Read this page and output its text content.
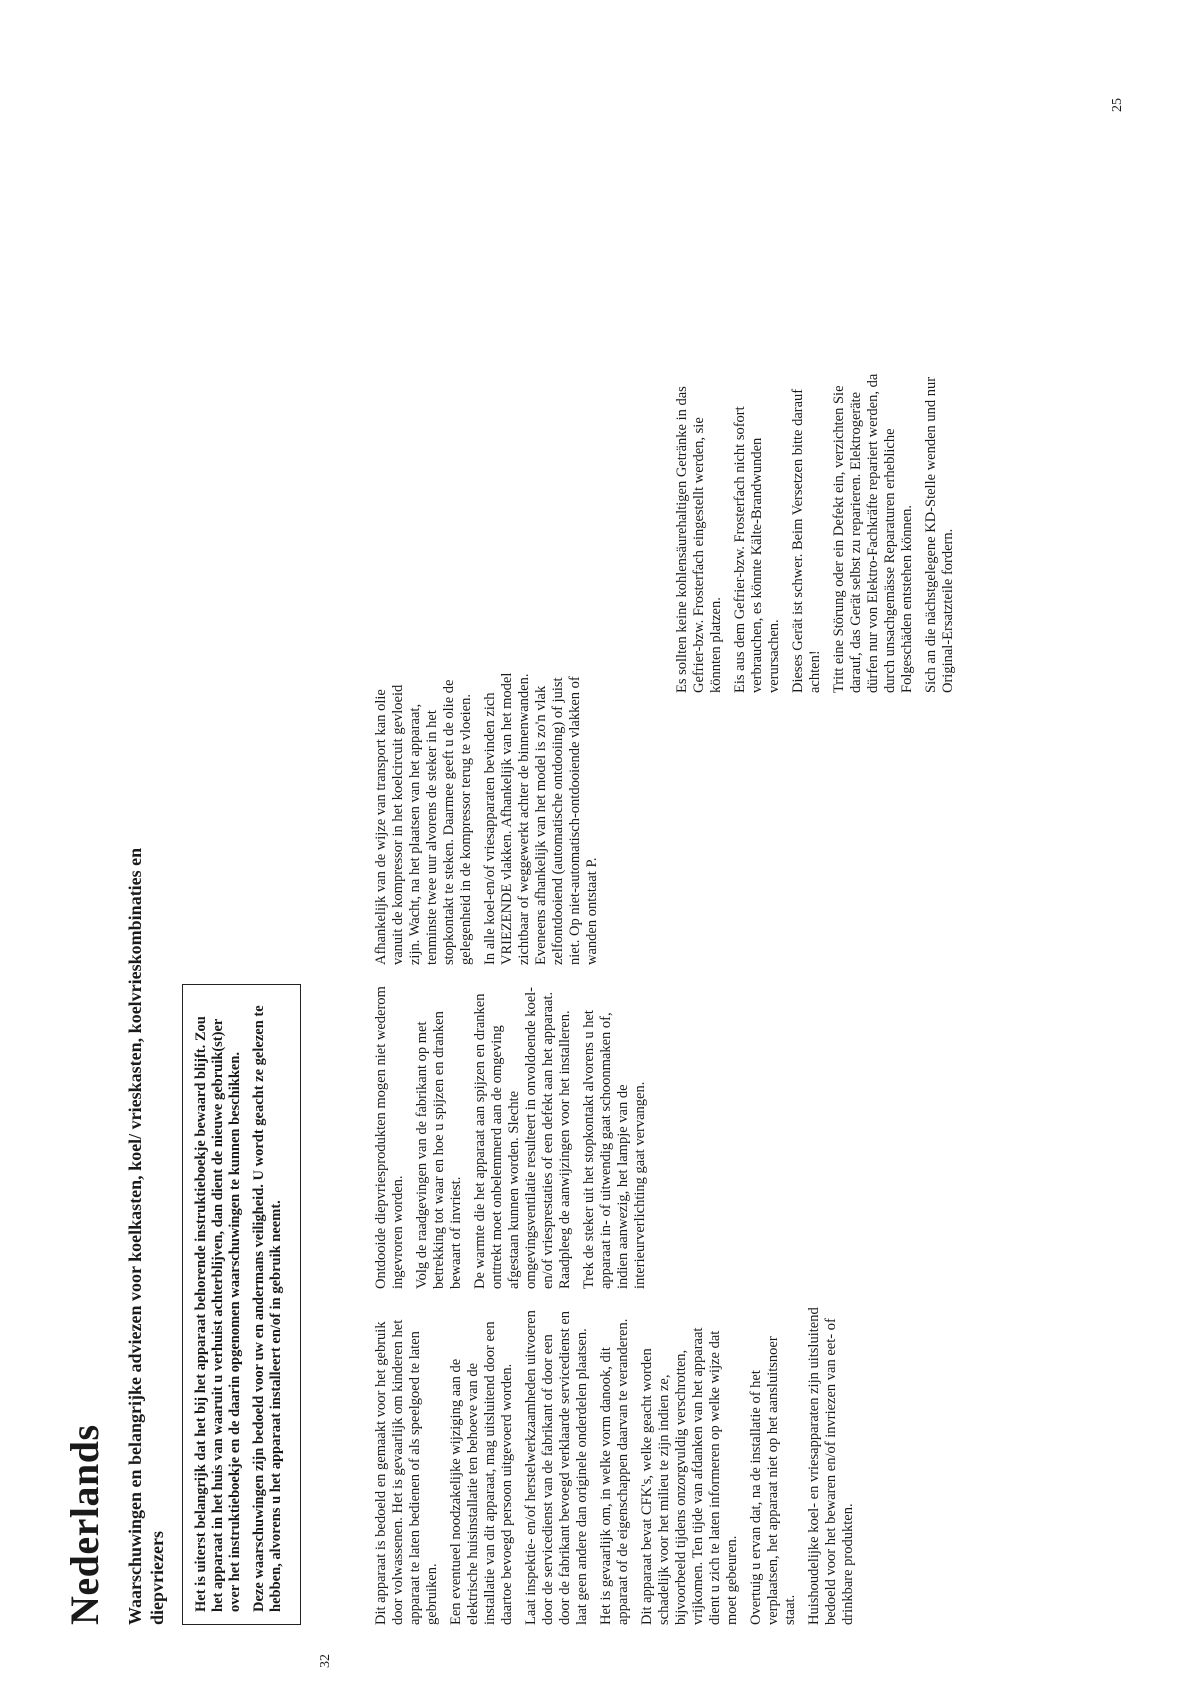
32
25
Nederlands Waarschuwingen en belangrijke adviezen voor koelkasten, koel/ vrieskasten, koelvrieskombinaties en diepvriezers Het is uiterst belangrijk dat het bij het apparaat behorende instruktieboekje bewaard blijft. Zou het apparaat in het huis van waaruit u verhuist achterblijven, dan dient de nieuwe gebruik(st)er over het instruktieboekje en de daarin opgenomen waarschuwingen te kunnen beschikken. Deze waarschuwingen zijn bedoeld voor uw en andermans veiligheid. U wordt geacht ze gelezen te hebben, alvorens u het apparaat installeert en/of in gebruik neemt.	Dit apparaat is bedoeld en gemaakt voor het gebruik door volwassenen. Het is gevaarlijk om kinderen het apparaat te laten bedienen of als speelgoed te laten gebruiken. Een eventueel noodzakelijke wijziging aan de elektrische huisinstallatie ten behoeve van de installatie van dit apparaat, mag uitsluitend door een daartoe bevoegd persoon uitgevoerd worden. Laat inspektie- en/of herstelwerkzaamheden uitvoeren door de servicedienst van de fabrikant of door een door de fabrikant bevoegd verklaarde servicedienst en laat geen andere dan originele onderdelen plaatsen. Het is gevaarlijk om, in welke vorm danook, dit apparaat of de eigenschappen daarvan te veranderen. Dit apparaat bevat CFK's, welke geacht worden schadelijk voor het milieu te zijn indien ze, bijvoorbeeld tijdens onzorgvuldig verschrotten, vrijkomen. Ten tijde van afdanken van het apparaat dient u zich te laten informeren op welke wijze dat moet gebeuren. Overtuig u ervan dat, na de installatie of het verplaatsen, het apparaat niet op het aansluitsnoer staat. Huishoudelijke koel- en vriesapparaten zijn uitsluitend bedoeld voor het bewaren en/of invriezen van eet- of drinkbare produkten.

Ontdooide diepvriesprodukten mogen niet wederom ingevroren worden. Volg de raadgevingen van de fabrikant op met betrekking tot waar en hoe u spijzen en dranken bewaart of invriest. De warmte die het apparaat aan spijzen en dranken onttrekt moet onbelemmerd aan de omgeving afgestaan kunnen worden. Slechte omgevingsventilatie resulteert in onvoldoende koel- en/of vriesprestaties of een defekt aan het apparaat. Raadpleeg de aanwijzingen voor het installeren. Trek de steker uit het stopkontakt alvorens u het apparaat in- of uitwendig gaat schoonmaken of, indien aanwezig, het lampje van de interieurverlichting gaat vervangen.

Afhankelijk van de wijze van transport kan olie vanuit de kompressor in het koelcircuit gevloeid zijn. Wacht, na het plaatsen van het apparaat, tenminste twee uur alvorens de steker in het stopkontakt te steken. Daarmee geeft u de olie de gelegenheid in de kompressor terug te vloeien. In alle koel-en/of vriesapparaten bevinden zich VRIEZENDE vlakken. Afhankelijk van het model zichtbaar of weggewerkt achter de binnenwanden. Eveneens afhankelijk van het model is zo'n vlak zelfontdooiend (automatische ontdooiing) of juist niet. Op niet-automatisch-ontdooiende vlakken of wanden ontstaat P.

Es sollten keine kohlensäurehaltigen Getränke in das Gefrier-bzw. Frosterfach eingestellt werden, sie könnten platzen. Eis aus dem Gefrier-bzw. Frosterfach nicht sofort verbrauchen, es könnte Kälte-Brandwunden verursachen. Dieses Gerät ist schwer. Beim Versetzen bitte darauf achten! Tritt eine Störung oder ein Defekt ein, verzichten Sie darauf, das Gerät selbst zu reparieren. Elektrogeräte dürfen nur von Elektro-Fachkräfte repariert werden, da durch unsachgemässe Reparaturen erhebliche Folgeschäden entstehen können. Sich an die nächstgelegene KD-Stelle wenden und nur Original-Ersatzteile fordern.
